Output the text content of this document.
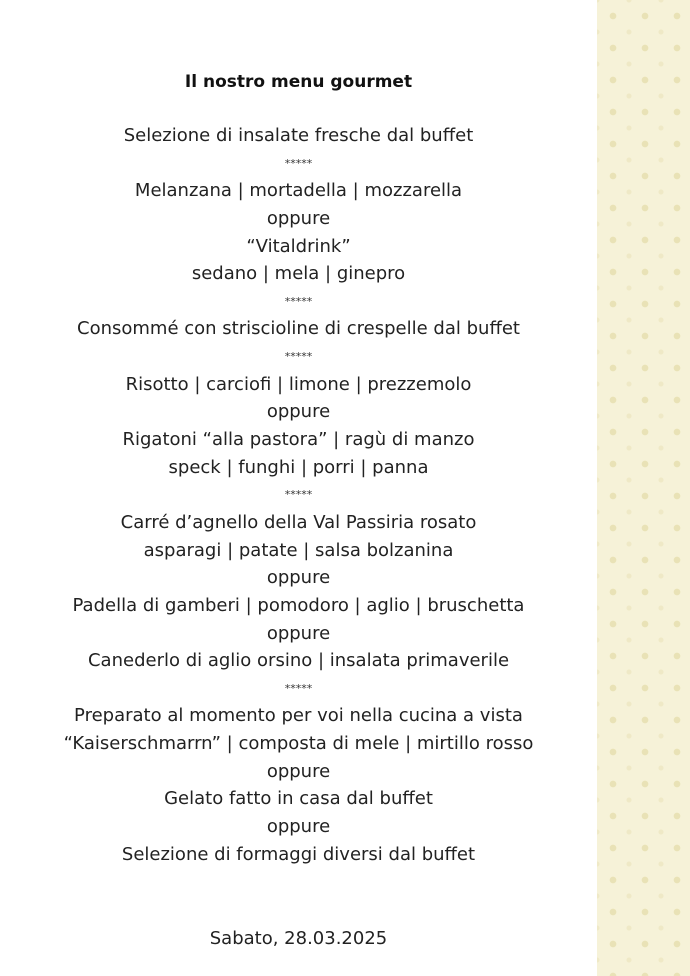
Il nostro menu gourmet
Selezione di insalate fresche dal buffet
*****
Melanzana | mortadella | mozzarella
oppure
“Vitaldrink”
sedano | mela | ginepro
*****
Consommé con striscioline di crespelle dal buffet
*****
Risotto | carciofi | limone | prezzemolo
oppure
Rigatoni “alla pastora” | ragù di manzo
speck | funghi | porri | panna
*****
Carré d’agnello della Val Passiria rosato
asparagi | patate | salsa bolzanina
oppure
Padella di gamberi | pomodoro | aglio | bruschetta
oppure
Canederlo di aglio orsino | insalata primaverile
*****
Preparato al momento per voi nella cucina a vista
“Kaiserschmarrn” | composta di mele | mirtillo rosso
oppure
Gelato fatto in casa dal buffet
oppure
Selezione di formaggi diversi dal buffet
Sabato, 28.03.2025
